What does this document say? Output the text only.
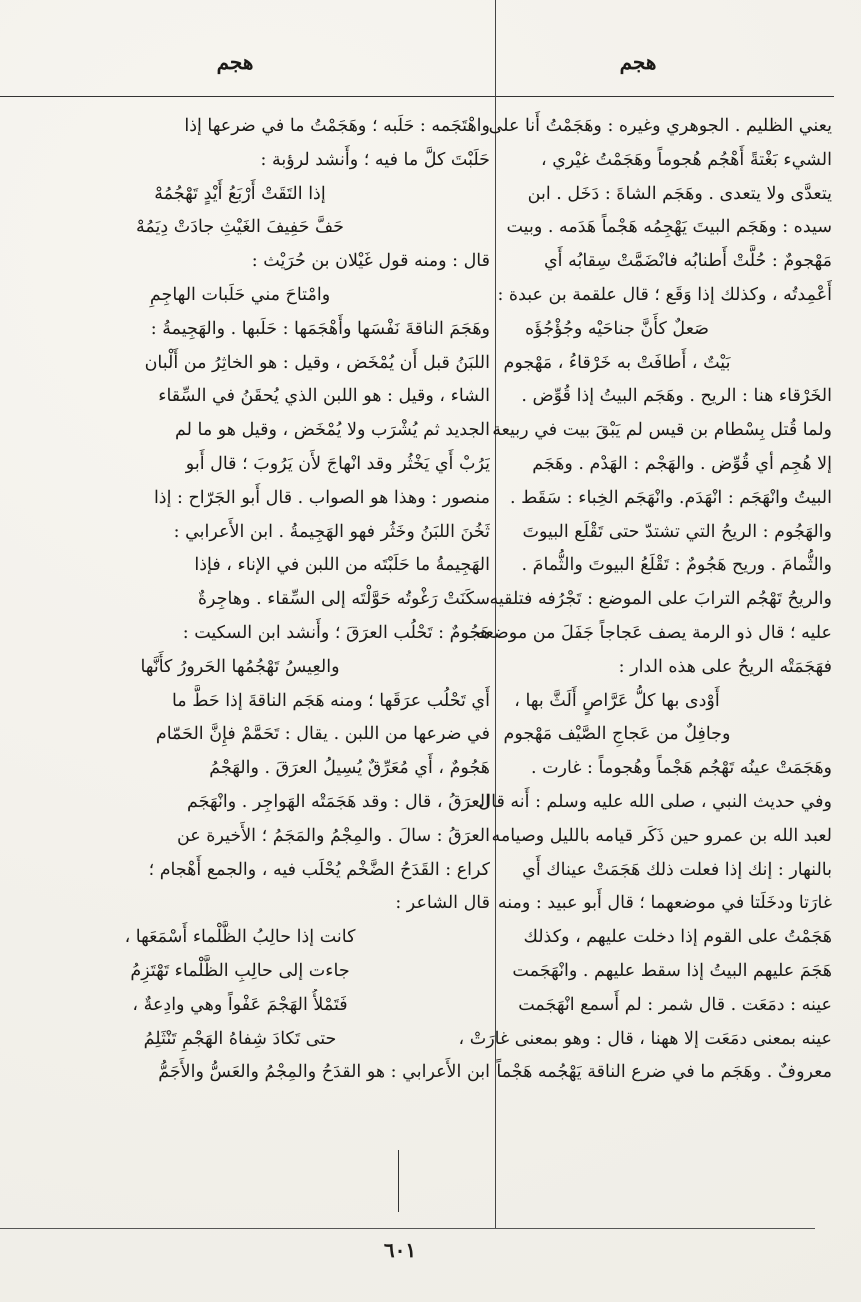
هجم
هجم
يعني الظليم . الجوهري وغيره : وهَجَمْتُ أَنا على
الشيء بَغْتةً أَهْجُم هُجوماً وهَجَمْتُ غيْري ،
يتعدَّى ولا يتعدى . وهَجَم الشاةَ : دَخَل . ابن
سيده : وهَجَم البيتَ يَهْجِمُه هَجْماً هَدَمه . وبيت
مَهْجومٌ : حُلَّتْ أَطنابُه فانْضَمَّتْ سِقابُه أَي
أَعْمِدتُه ، وكذلك إذا وَقَع ؛ قال علقمة بن عبدة :
صَعلٌ كأَنَّ جناحَيْه وجُؤْجُؤَه
بَيْتٌ ، أَطافَتْ به خَرْقاءُ ، مَهْجوم
الخَرْقاء هنا : الريح . وهَجَم البيتُ إذا قُوِّض .
ولما قُتل بِسْطام بن قيس لم يَبْقَ بيت في ربيعة
إلا هُجِم أي قُوِّض . والهَجْم : الهَدْم . وهَجَم
البيتُ وانْهَجَم : انْهَدَم. وانْهَجَم الخِباء : سَقَط .
والهَجُوم : الريحُ التي تشتدّ حتى تَقْلَع البيوتَ
والثُّمامَ . وريح هَجُومٌ : تَقْلَعُ البيوتَ والثُّمامَ .
والريحُ تَهْجُم الترابَ على الموضع : تَجْرُفه فتلقيه
عليه ؛ قال ذو الرمة يصف عَجاجاً جَفَلَ من موضعه
فهَجَمَتْه الريحُ على هذه الدار :
أَوْدى بها كلُّ عَرَّاصٍ أَلَثَّ بها ،
وجافِلٌ من عَجاجِ الصَّيْف مَهْجوم
وهَجَمَتْ عينُه تَهْجُم هَجْماً وهُجوماً : غارت .
وفي حديث النبي ، صلى الله عليه وسلم : أَنه قال
لعبد الله بن عمرو حين ذَكَر قيامه بالليل وصيامه
بالنهار : إنك إذا فعلت ذلك هَجَمَتْ عيناك أَي
غارَتا ودخَلَتا في موضعهما ؛ قال أَبو عبيد : ومنه
هَجَمْتُ على القوم إذا دخلت عليهم ، وكذلك
هَجَمَ عليهم البيتُ إذا سقط عليهم . وانْهَجَمت
عينه : دمَعَت . قال شمر : لم أَسمع انْهَجَمت
عينه بمعنى دمَعَت إلا ههنا ، قال : وهو بمعنى غارَتْ ،
معروفٌ . وهَجَم ما في ضرع الناقة يَهْجُمه هَجْماً
واهْتَجَمه : حَلَبه ؛ وهَجَمْتُ ما في ضرعها إذا
حَلَبْتَ كلَّ ما فيه ؛ وأَنشد لرؤبة :
إذا التَقَتْ أَرْبَعُ أَيْدٍ تَهْجُمُهْ
حَفَّ حَفِيفَ الغَيْثِ جادَتْ دِيَمُهْ
قال : ومنه قول غَيْلان بن حُرَيْث :
وامْتاحَ مني حَلَبات الهاجِمِ
وهَجَمَ الناقةَ نَفْسَها وأَهْجَمَها : حَلَبها . والهَجِيمةُ :
اللبَنُ قبل أَن يُمْخَض ، وقيل : هو الخاثِرُ من أَلْبان
الشاء ، وقيل : هو اللبن الذي يُحقَنُ في السِّقاء
الجديد ثم يُشْرَب ولا يُمْخَض ، وقيل هو ما لم
يَرُبْ أَي يَخْثُر وقد انْهاجَ لأَن يَرُوبَ ؛ قال أَبو
منصور : وهذا هو الصواب . قال أَبو الجَرّاح : إذا
ثَخُنَ اللبَنُ وخَثُر فهو الهَجِيمةُ . ابن الأَعرابي :
الهَجِيمةُ ما حَلَبْتَه من اللبن في الإناء ، فإذا
سكَنَتْ رَغْوتُه حَوَّلْتَه إلى السِّقاء . وهاجِرةٌ
هَجُومٌ : تَحْلُب العرَقَ ؛ وأَنشد ابن السكيت :
والعِيسُ تَهْجُمُها الحَرورُ كأَنَّها
أَي تَحْلُب عرَقَها ؛ ومنه هَجَم الناقةَ إذا حَطَّ ما
في ضرعها من اللبن . يقال : تَحَمَّمْ فإِنَّ الحَمّام
هَجُومٌ ، أَي مُعَرِّقٌ يُسِيلُ العرَقَ . والهَجْمُ
العرَقُ ، قال : وقد هَجَمَتْه الهَواجِر . وانْهَجَم
العرَقُ : سالَ . والمِجْمُ والمَجَمُ ؛ الأَخيرة عن
كراع : القَدَحُ الضَّخْم يُحْلَب فيه ، والجمع أَهْجام ؛
قال الشاعر :
كانت إذا حالِبُ الظَّلْماء أَسْمَعَها ،
جاءت إلى حالِبِ الظَّلْماء تَهْتَزِمُ
فَتَمْلأُ الهَجْمَ عَفْواً وهي وادِعةٌ ،
حتى تَكادَ شِفاهُ الهَجْمِ تَنْثَلِمُ
ابن الأَعرابي : هو القدَحُ والمِجْمُ والعَسُّ والأَجَمُّ
٦٠١
